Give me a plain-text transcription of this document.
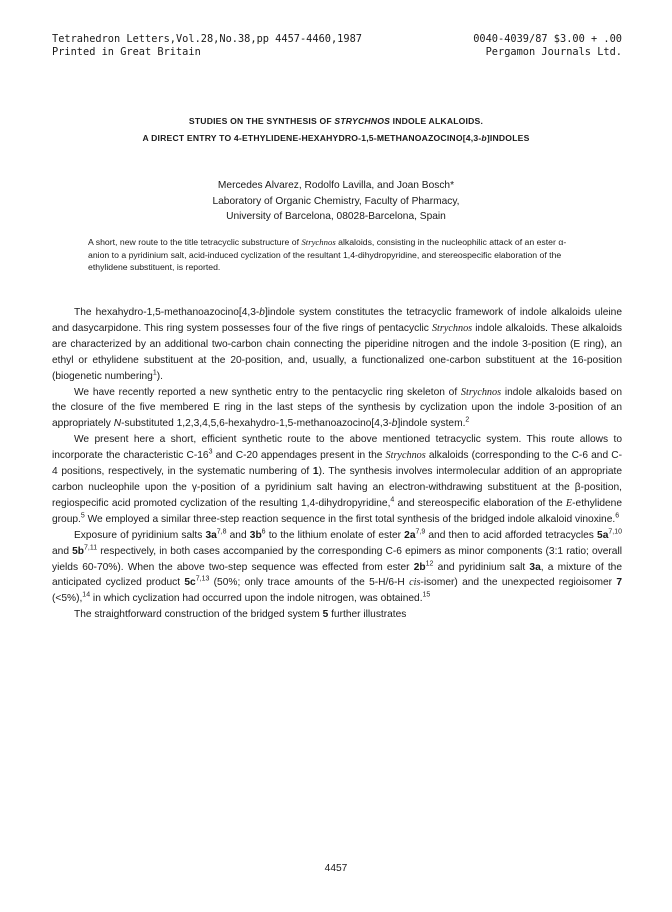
Tetrahedron Letters,Vol.28,No.38,pp 4457-4460,1987	0040-4039/87 $3.00 + .00
Printed in Great Britain	Pergamon Journals Ltd.
STUDIES ON THE SYNTHESIS OF STRYCHNOS INDOLE ALKALOIDS.
A DIRECT ENTRY TO 4-ETHYLIDENE-HEXAHYDRO-1,5-METHANOAZOCINO[4,3-b]INDOLES
Mercedes Alvarez, Rodolfo Lavilla, and Joan Bosch*
Laboratory of Organic Chemistry, Faculty of Pharmacy,
University of Barcelona, 08028-Barcelona, Spain
A short, new route to the title tetracyclic substructure of Strychnos alkaloids, consisting in the nucleophilic attack of an ester α-anion to a pyridinium salt, acid-induced cyclization of the resultant 1,4-dihydropyridine, and stereospecific elaboration of the ethylidene substituent, is reported.

The hexahydro-1,5-methanoazocino[4,3-b]indole system constitutes the tetracyclic framework of indole alkaloids uleine and dasycarpidone. This ring system possesses four of the five rings of pentacyclic Strychnos indole alkaloids. These alkaloids are characterized by an additional two-carbon chain connecting the piperidine nitrogen and the indole 3-position (E ring), an ethyl or ethylidene substituent at the 20-position, and, usually, a functionalized one-carbon substituent at the 16-position (biogenetic numbering$^1$).

We have recently reported a new synthetic entry to the pentacyclic ring skeleton of Strychnos indole alkaloids based on the closure of the five membered E ring in the last steps of the synthesis by cyclization upon the indole 3-position of an appropriately N-substituted 1,2,3,4,5,6-hexahydro-1,5-methanoazocino[4,3-b]indole system.$^2$

We present here a short, efficient synthetic route to the above mentioned tetracyclic system. This route allows to incorporate the characteristic $C-16^3$ and C-20 appendages present in the Strychnos alkaloids (corresponding to the C-6 and C-4 positions, respectively, in the systematic numbering of 1). The synthesis involves intermolecular addition of an appropriate carbon nucleophile upon the γ-position of a pyridinium salt having an electron-withdrawing substituent at the β-position, regiospecific acid promoted cyclization of the resulting 1,4-dihydropyridine,$^4$ and stereospecific elaboration of the E-ethylidene group.$^5$ We employed a similar three-step reaction sequence in the first total synthesis of the bridged indole alkaloid vinoxine.$^6$

Exposure of pyridinium salts $3a^{7,8}$ and $3b^6$ to the lithium enolate of ester $2a^{7,9}$ and then to acid afforded tetracycles $5a^{7,10}$ and $5b^{7,11}$ respectively, in both cases accompanied by the corresponding C-6 epimers as minor components (3:1 ratio; overall yields 60-70%). When the above two-step sequence was effected from ester $2b^{12}$ and pyridinium salt 3a, a mixture of the anticipated cyclized product $5c^{7,13}$ (50%; only trace amounts of the 5-H/6-H cis-isomer) and the unexpected regioisomer 7 (<5%),$^{14}$ in which cyclization had occurred upon the indole nitrogen, was obtained.$^{15}$

The straightforward construction of the bridged system 5 further illustrates

4457
